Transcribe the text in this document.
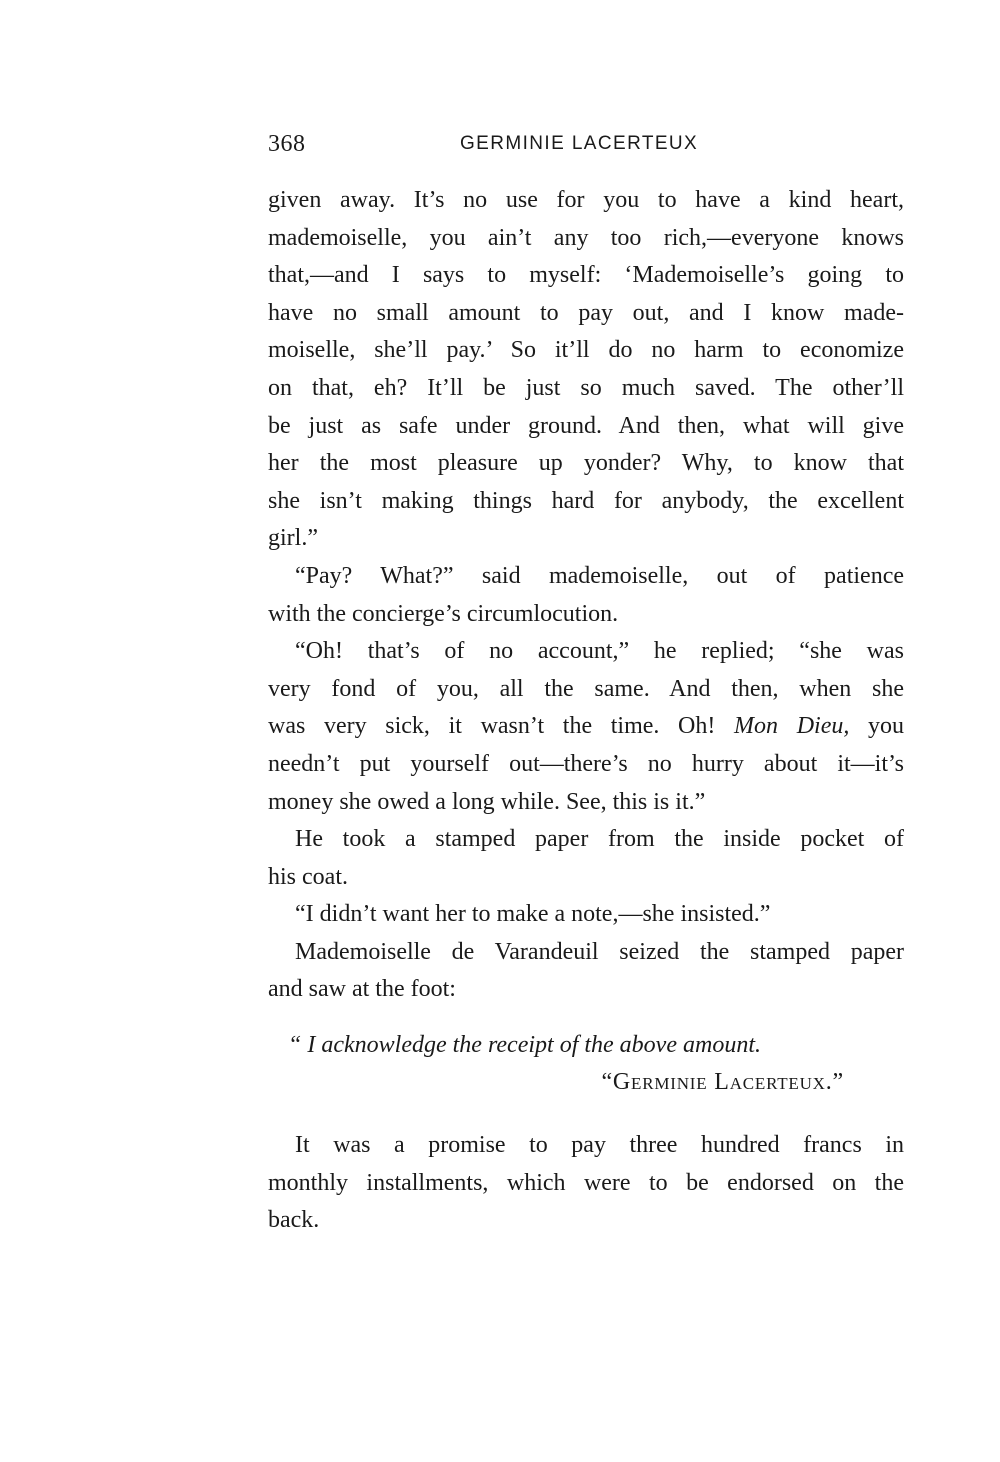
368	GERMINIE LACERTEUX
given away. It’s no use for you to have a kind heart,
mademoiselle, you ain’t any too rich,—everyone knows
that,—and I says to myself: ‘Mademoiselle’s going to
have no small amount to pay out, and I know made-
moiselle, she’ll pay.’ So it’ll do no harm to economize
on that, eh? It’ll be just so much saved. The other’ll
be just as safe under ground. And then, what will give
her the most pleasure up yonder? Why, to know that
she isn’t making things hard for anybody, the excellent
girl.”
“Pay? What?” said mademoiselle, out of patience
with the concierge’s circumlocution.
“Oh! that’s of no account,” he replied; “she was
very fond of you, all the same. And then, when she
was very sick, it wasn’t the time. Oh! Mon Dieu, you
needn’t put yourself out—there’s no hurry about it—it’s
money she owed a long while. See, this is it.”
He took a stamped paper from the inside pocket of
his coat.
“I didn’t want her to make a note,—she insisted.”
Mademoiselle de Varandeuil seized the stamped paper
and saw at the foot:
“ I acknowledge the receipt of the above amount.
“Germinie Lacerteux.”
It was a promise to pay three hundred francs in
monthly installments, which were to be endorsed on the
back.
